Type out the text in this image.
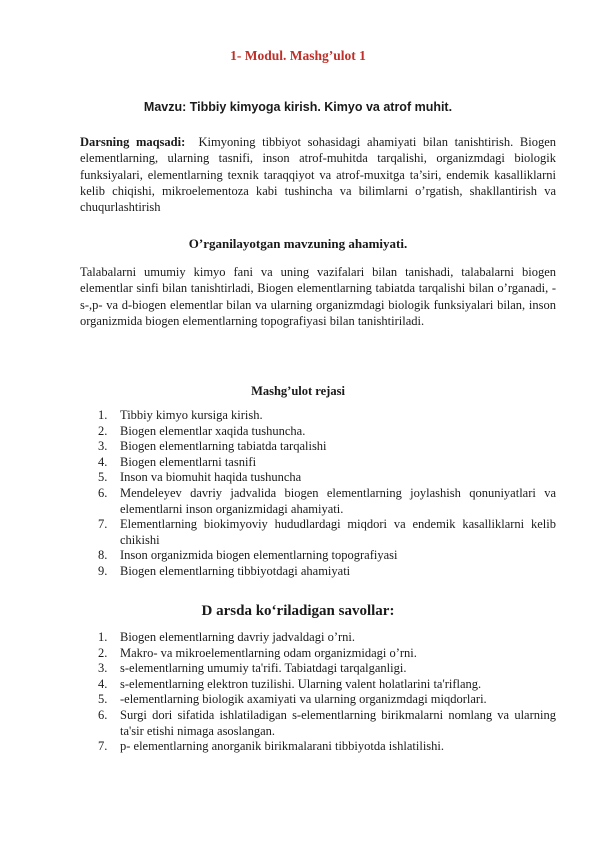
1- Modul. Mashg’ulot 1
Mavzu: Tibbiy kimyoga kirish. Kimyo va atrof muhit.
Darsning maqsadi: Kimyoning tibbiyot sohasidagi ahamiyati bilan tanishtirish. Biogen elementlarning, ularning tasnifi, inson atrof-muhitda tarqalishi, organizmdagi biologik funksiyalari, elementlarning texnik taraqqiyot va atrof-muxitga ta’siri, endemik kasalliklarni kelib chiqishi, mikroelementoza kabi tushincha va bilimlarni o’rgatish, shakllantirish va chuqurlashtirish
O’rganilayotgan mavzuning ahamiyati.
Talabalarni umumiy kimyo fani va uning vazifalari bilan tanishadi, talabalarni biogen elementlar sinfi bilan tanishtirladi, Biogen elementlarning tabiatda tarqalishi bilan o’rganadi, - s-,p- va d-biogen elementlar bilan va ularning organizmdagi biologik funksiyalari bilan, inson organizmida biogen elementlarning topografiyasi bilan tanishtiriladi.
Mashg’ulot rejasi
1. Tibbiy kimyo kursiga kirish.
2. Biogen elementlar xaqida tushuncha.
3. Biogen elementlarning tabiatda tarqalishi
4. Biogen elementlarni tasnifi
5. Inson va biomuhit haqida tushuncha
6. Mendeleyev davriy jadvalida biogen elementlarning joylashish qonuniyatlari va elementlarni inson organizmidagi ahamiyati.
7. Elementlarning biokimyoviy hududlardagi miqdori va endemik kasalliklarni kelib chikishi
8. Inson organizmida biogen elementlarning topografiyasi
9. Biogen elementlarning tibbiyotdagi ahamiyati
D arsda ko‘riladigan savollar:
1. Biogen elementlarning davriy jadvaldagi o’rni.
2. Makro- va mikroelementlarning odam organizmidagi o’rni.
3. s-elementlarning umumiy ta'rifi. Tabiatdagi tarqalganligi.
4. s-elementlarning elektron tuzilishi. Ularning valent holatlarini ta'riflang.
5. -elementlarning biologik axamiyati va ularning organizmdagi miqdorlari.
6. Surgi dori sifatida ishlatiladigan s-elementlarning birikmalarni nomlang va ularning ta'sir etishi nimaga asoslangan.
7. p- elementlarning anorganik birikmalarani tibbiyotda ishlatilishi.
